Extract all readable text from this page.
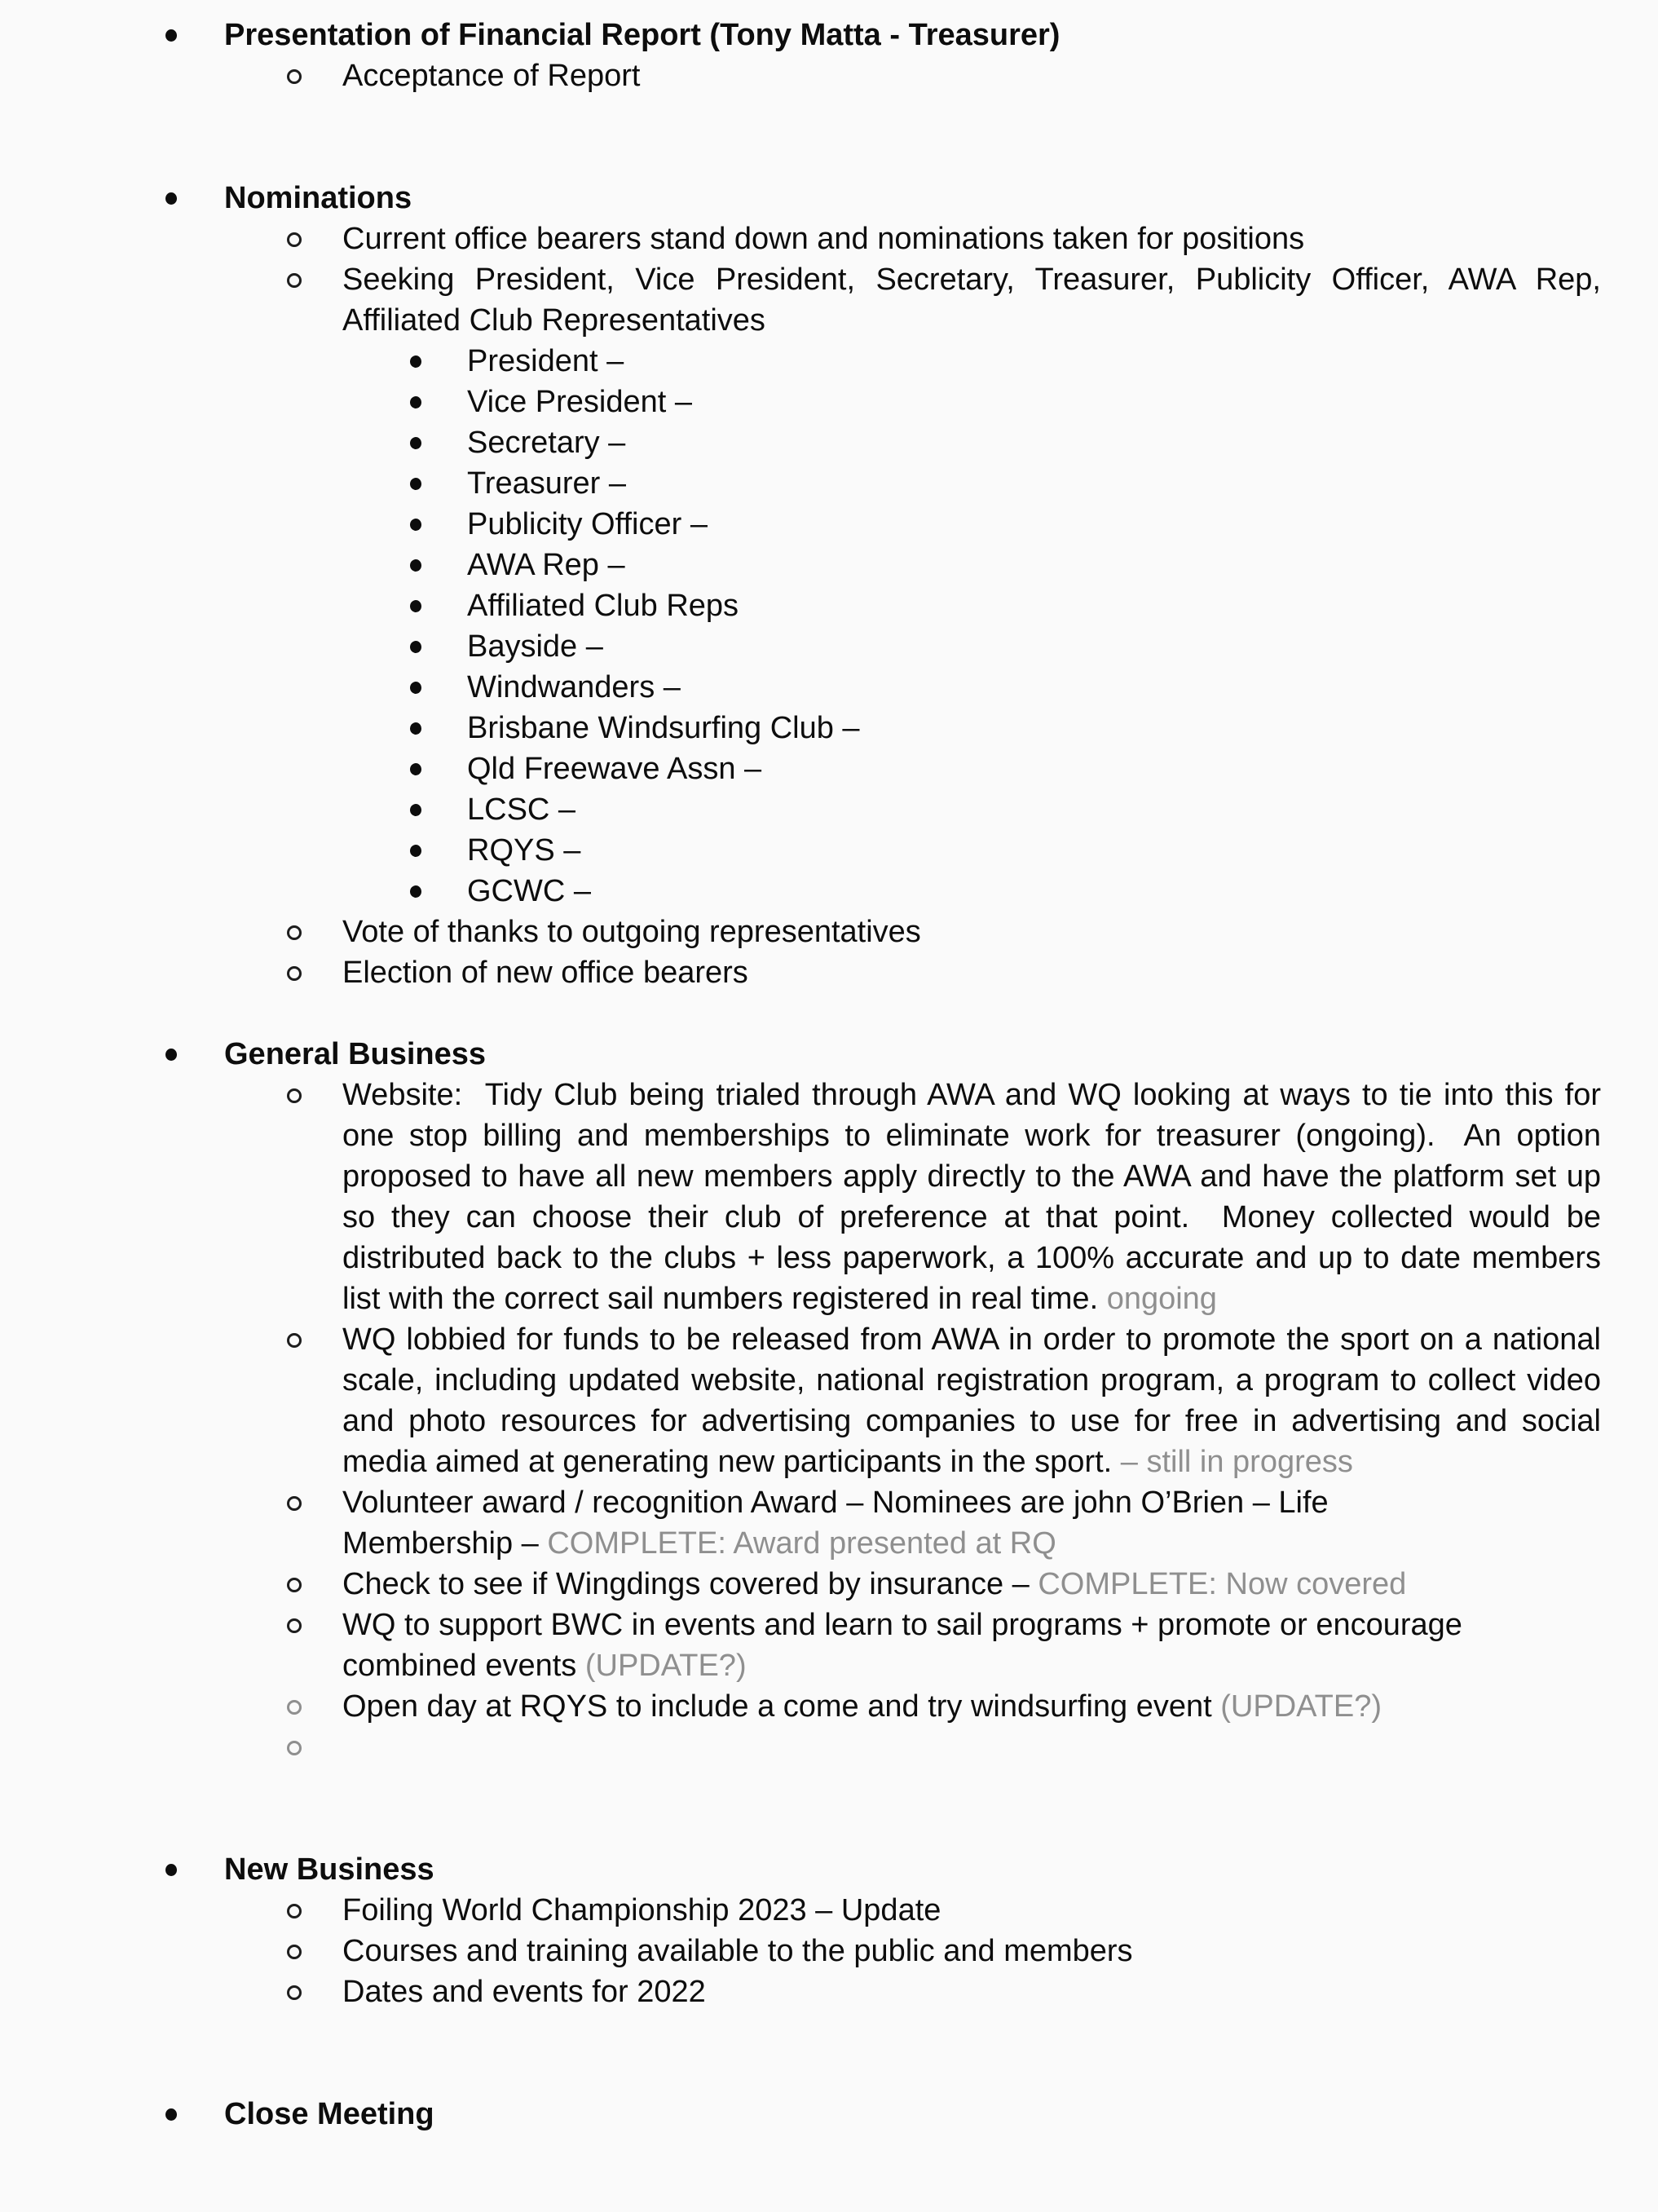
Presentation of Financial Report (Tony Matta - Treasurer)
Acceptance of Report
Nominations
Current office bearers stand down and nominations taken for positions
Seeking President, Vice President, Secretary, Treasurer, Publicity Officer, AWA Rep, Affiliated Club Representatives
President –
Vice President –
Secretary –
Treasurer –
Publicity Officer –
AWA Rep –
Affiliated Club Reps
Bayside –
Windwanders –
Brisbane Windsurfing Club –
Qld Freewave Assn –
LCSC –
RQYS –
GCWC –
Vote of thanks to outgoing representatives
Election of new office bearers
General Business
Website:  Tidy Club being trialed through AWA and WQ looking at ways to tie into this for one stop billing and memberships to eliminate work for treasurer (ongoing).  An option proposed to have all new members apply directly to the AWA and have the platform set up so they can choose their club of preference at that point.  Money collected would be distributed back to the clubs + less paperwork, a 100% accurate and up to date members list with the correct sail numbers registered in real time. ongoing
WQ lobbied for funds to be released from AWA in order to promote the sport on a national scale, including updated website, national registration program, a program to collect video and photo resources for advertising companies to use for free in advertising and social media aimed at generating new participants in the sport. – still in progress
Volunteer award / recognition Award – Nominees are john O’Brien – Life
Membership – COMPLETE: Award presented at RQ
Check to see if Wingdings covered by insurance – COMPLETE: Now covered
WQ to support BWC in events and learn to sail programs + promote or encourage
combined events (UPDATE?)
Open day at RQYS to include a come and try windsurfing event (UPDATE?)
New Business
Foiling World Championship 2023 – Update
Courses and training available to the public and members
Dates and events for 2022
Close Meeting
